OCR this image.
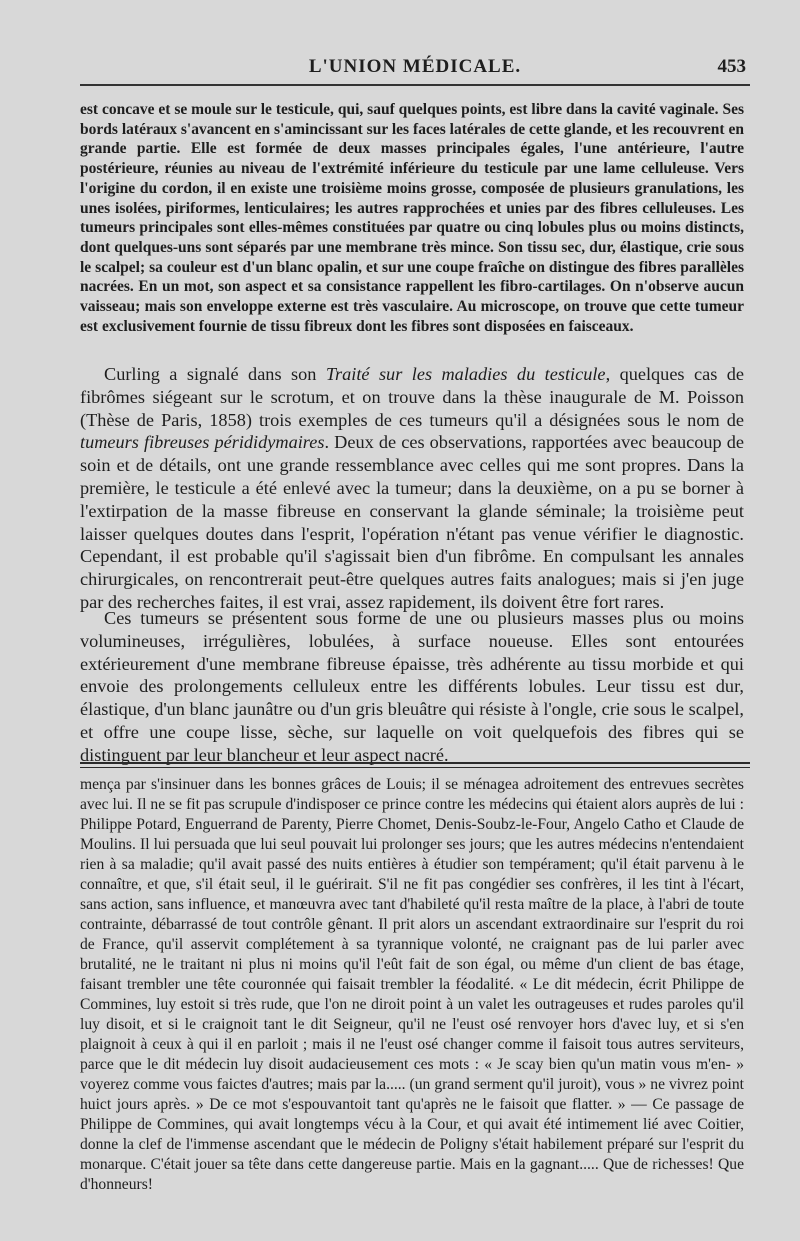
L'UNION MÉDICALE.	453

est concave et se moule sur le testicule, qui, sauf quelques points, est libre dans la cavité vaginale. Ses bords latéraux s'avancent en s'amincissant sur les faces latérales de cette glande, et les recouvrent en grande partie. Elle est formée de deux masses principales égales, l'une antérieure, l'autre postérieure, réunies au niveau de l'extrémité inférieure du testicule par une lame celluleuse. Vers l'origine du cordon, il en existe une troisième moins grosse, composée de plusieurs granulations, les unes isolées, piriformes, lenticulaires; les autres rapprochées et unies par des fibres celluleuses. Les tumeurs principales sont elles-mêmes constituées par quatre ou cinq lobules plus ou moins distincts, dont quelques-uns sont séparés par une membrane très mince. Son tissu sec, dur, élastique, crie sous le scalpel; sa couleur est d'un blanc opalin, et sur une coupe fraîche on distingue des fibres parallèles nacrées. En un mot, son aspect et sa consistance rappellent les fibro-cartilages. On n'observe aucun vaisseau; mais son enveloppe externe est très vasculaire. Au microscope, on trouve que cette tumeur est exclusivement fournie de tissu fibreux dont les fibres sont disposées en faisceaux.

Curling a signalé dans son Traité sur les maladies du testicule, quelques cas de fibrômes siégeant sur le scrotum, et on trouve dans la thèse inaugurale de M. Poisson (Thèse de Paris, 1858) trois exemples de ces tumeurs qu'il a désignées sous le nom de tumeurs fibreuses pérididymaires. Deux de ces observations, rapportées avec beaucoup de soin et de détails, ont une grande ressemblance avec celles qui me sont propres. Dans la première, le testicule a été enlevé avec la tumeur; dans la deuxième, on a pu se borner à l'extirpation de la masse fibreuse en conservant la glande séminale; la troisième peut laisser quelques doutes dans l'esprit, l'opération n'étant pas venue vérifier le diagnostic. Cependant, il est probable qu'il s'agissait bien d'un fibrôme. En compulsant les annales chirurgicales, on rencontrerait peut-être quelques autres faits analogues; mais si j'en juge par des recherches faites, il est vrai, assez rapidement, ils doivent être fort rares.

Ces tumeurs se présentent sous forme de une ou plusieurs masses plus ou moins volumineuses, irrégulières, lobulées, à surface noueuse. Elles sont entourées extérieurement d'une membrane fibreuse épaisse, très adhérente au tissu morbide et qui envoie des prolongements celluleux entre les différents lobules. Leur tissu est dur, élastique, d'un blanc jaunâtre ou d'un gris bleuâtre qui résiste à l'ongle, crie sous le scalpel, et offre une coupe lisse, sèche, sur laquelle on voit quelquefois des fibres qui se distinguent par leur blancheur et leur aspect nacré.

mença par s'insinuer dans les bonnes grâces de Louis; il se ménagea adroitement des entrevues secrètes avec lui. Il ne se fit pas scrupule d'indisposer ce prince contre les médecins qui étaient alors auprès de lui : Philippe Potard, Enguerrand de Parenty, Pierre Chomet, Denis-Soubz-le-Four, Angelo Catho et Claude de Moulins. Il lui persuada que lui seul pouvait lui prolonger ses jours; que les autres médecins n'entendaient rien à sa maladie; qu'il avait passé des nuits entières à étudier son tempérament; qu'il était parvenu à le connaître, et que, s'il était seul, il le guérirait. S'il ne fit pas congédier ses confrères, il les tint à l'écart, sans action, sans influence, et manœuvra avec tant d'habileté qu'il resta maître de la place, à l'abri de toute contrainte, débarrassé de tout contrôle gênant. Il prit alors un ascendant extraordinaire sur l'esprit du roi de France, qu'il asservit complétement à sa tyrannique volonté, ne craignant pas de lui parler avec brutalité, ne le traitant ni plus ni moins qu'il l'eût fait de son égal, ou même d'un client de bas étage, faisant trembler une tête couronnée qui faisait trembler la féodalité. « Le dit médecin, écrit Philippe de Commines, luy estoit si très rude, que l'on ne diroit point à un valet les outrageuses et rudes paroles qu'il luy disoit, et si le craignoit tant le dit Seigneur, qu'il ne l'eust osé renvoyer hors d'avec luy, et si s'en plaignoit à ceux à qui il en parloit ; mais il ne l'eust osé changer comme il faisoit tous autres serviteurs, parce que le dit médecin luy disoit audacieusement ces mots : « Je scay bien qu'un matin vous m'en- » voyerez comme vous faictes d'autres; mais par la..... (un grand serment qu'il juroit), vous » ne vivrez point huict jours après. » De ce mot s'espouvantoit tant qu'après ne le faisoit que flatter. » — Ce passage de Philippe de Commines, qui avait longtemps vécu à la Cour, et qui avait été intimement lié avec Coitier, donne la clef de l'immense ascendant que le médecin de Poligny s'était habilement préparé sur l'esprit du monarque. C'était jouer sa tête dans cette dangereuse partie. Mais en la gagnant..... Que de richesses! Que d'honneurs!
